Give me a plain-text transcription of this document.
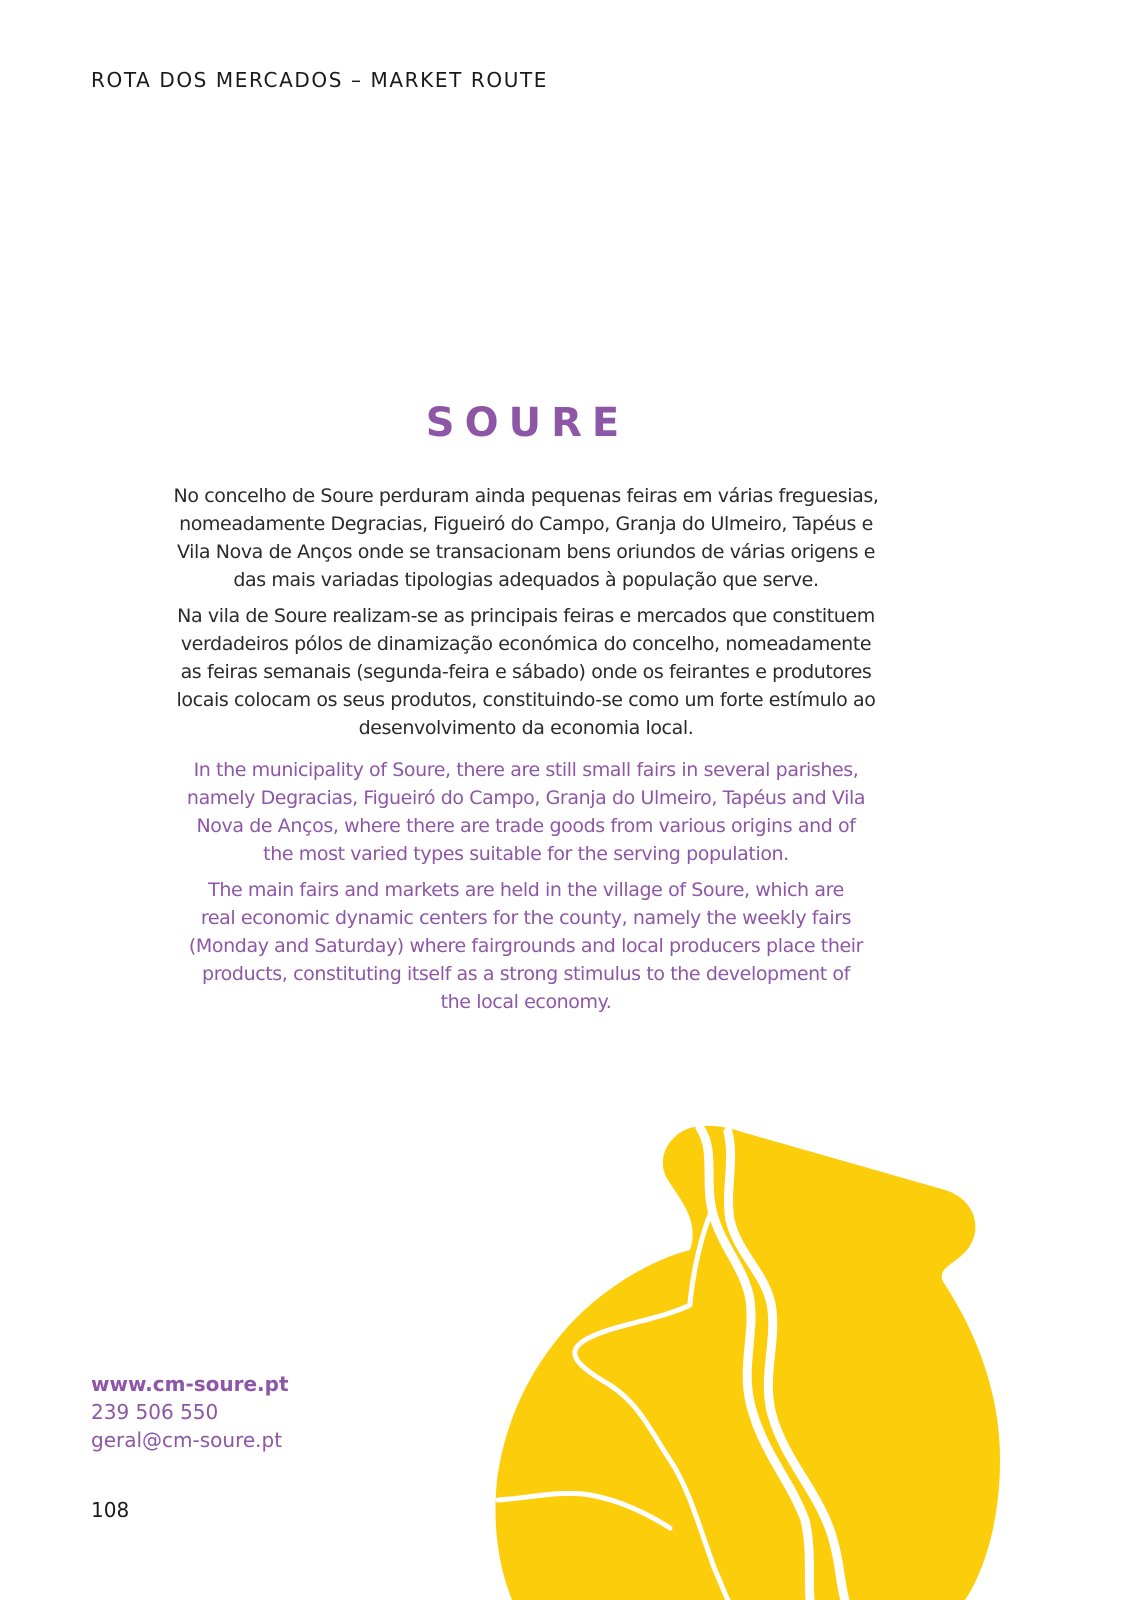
ROTA DOS MERCADOS – MARKET ROUTE
SOURE

No concelho de Soure perduram ainda pequenas feiras em várias freguesias,

nomeadamente Degracias, Figueiró do Campo, Granja do Ulmeiro, Tapéus e

Vila Nova de Anços onde se transacionam bens oriundos de várias origens e

das mais variadas tipologias adequados à população que serve.

Na vila de Soure realizam-se as principais feiras e mercados que constituem

verdadeiros pólos de dinamização económica do concelho, nomeadamente

as feiras semanais (segunda-feira e sábado) onde os feirantes e produtores

locais colocam os seus produtos, constituindo-se como um forte estímulo ao

desenvolvimento da economia local.

In the municipality of Soure, there are still small fairs in several parishes,

namely Degracias, Figueiró do Campo, Granja do Ulmeiro, Tapéus and Vila

Nova de Anços, where there are trade goods from various origins and of

the most varied types suitable for the serving population.

The main fairs and markets are held in the village of Soure, which are

real economic dynamic centers for the county, namely the weekly fairs

(Monday and Saturday) where fairgrounds and local producers place their

products, constituting itself as a strong stimulus to the development of

the local economy.

www.cm-soure.pt
239 506 550
geral@cm-soure.pt
108
